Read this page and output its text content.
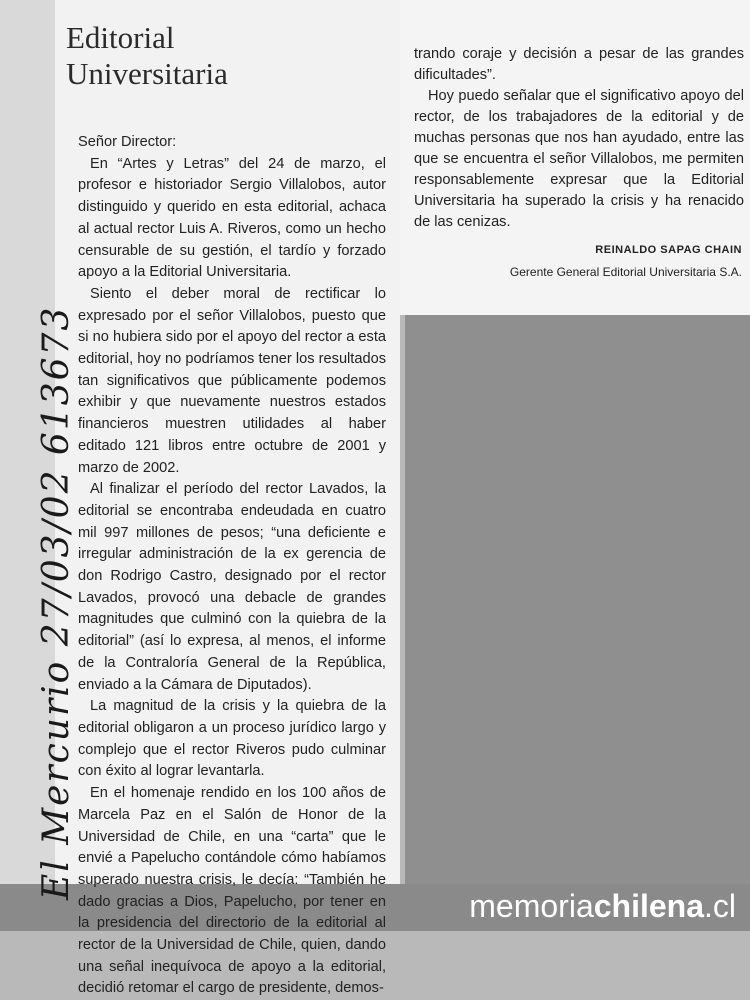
Editorial
Universitaria

Señor Director:

En “Artes y Letras” del 24 de marzo, el profesor e historiador Sergio Villalobos, autor distinguido y querido en esta editorial, achaca al actual rector Luis A. Riveros, como un hecho censurable de su gestión, el tardío y forzado apoyo a la Editorial Universitaria.

Siento el deber moral de rectificar lo expresado por el señor Villalobos, puesto que si no hubiera sido por el apoyo del rector a esta editorial, hoy no podríamos tener los resultados tan significativos que públicamente podemos exhibir y que nuevamente nuestros estados financieros muestren utilidades al haber editado 121 libros entre octubre de 2001 y marzo de 2002.

Al finalizar el período del rector Lavados, la editorial se encontraba endeudada en cuatro mil 997 millones de pesos; “una deficiente e irregular administración de la ex gerencia de don Rodrigo Castro, designado por el rector Lavados, provocó una debacle de grandes magnitudes que culminó con la quiebra de la editorial” (así lo expresa, al menos, el informe de la Contraloría General de la República, enviado a la Cámara de Diputados).

La magnitud de la crisis y la quiebra de la editorial obligaron a un proceso jurídico largo y complejo que el rector Riveros pudo culminar con éxito al lograr levantarla.

En el homenaje rendido en los 100 años de Marcela Paz en el Salón de Honor de la Universidad de Chile, en una “carta” que le envié a Papelucho contándole cómo habíamos superado nuestra crisis, le decía: “También he dado gracias a Dios, Papelucho, por tener en la presidencia del directorio de la editorial al rector de la Universidad de Chile, quien, dando una señal inequívoca de apoyo a la editorial, decidió retomar el cargo de presidente, demos-

trando coraje y decisión a pesar de las grandes dificultades”.

Hoy puedo señalar que el significativo apoyo del rector, de los trabajadores de la editorial y de muchas personas que nos han ayudado, entre las que se encuentra el señor Villalobos, me permiten responsablemente expresar que la Editorial Universitaria ha superado la crisis y ha renacido de las cenizas.

REINALDO SAPAG CHAIN
Gerente General Editorial Universitaria S.A.
El Mercurio 27/03/02 613673
memoriachilena.cl
